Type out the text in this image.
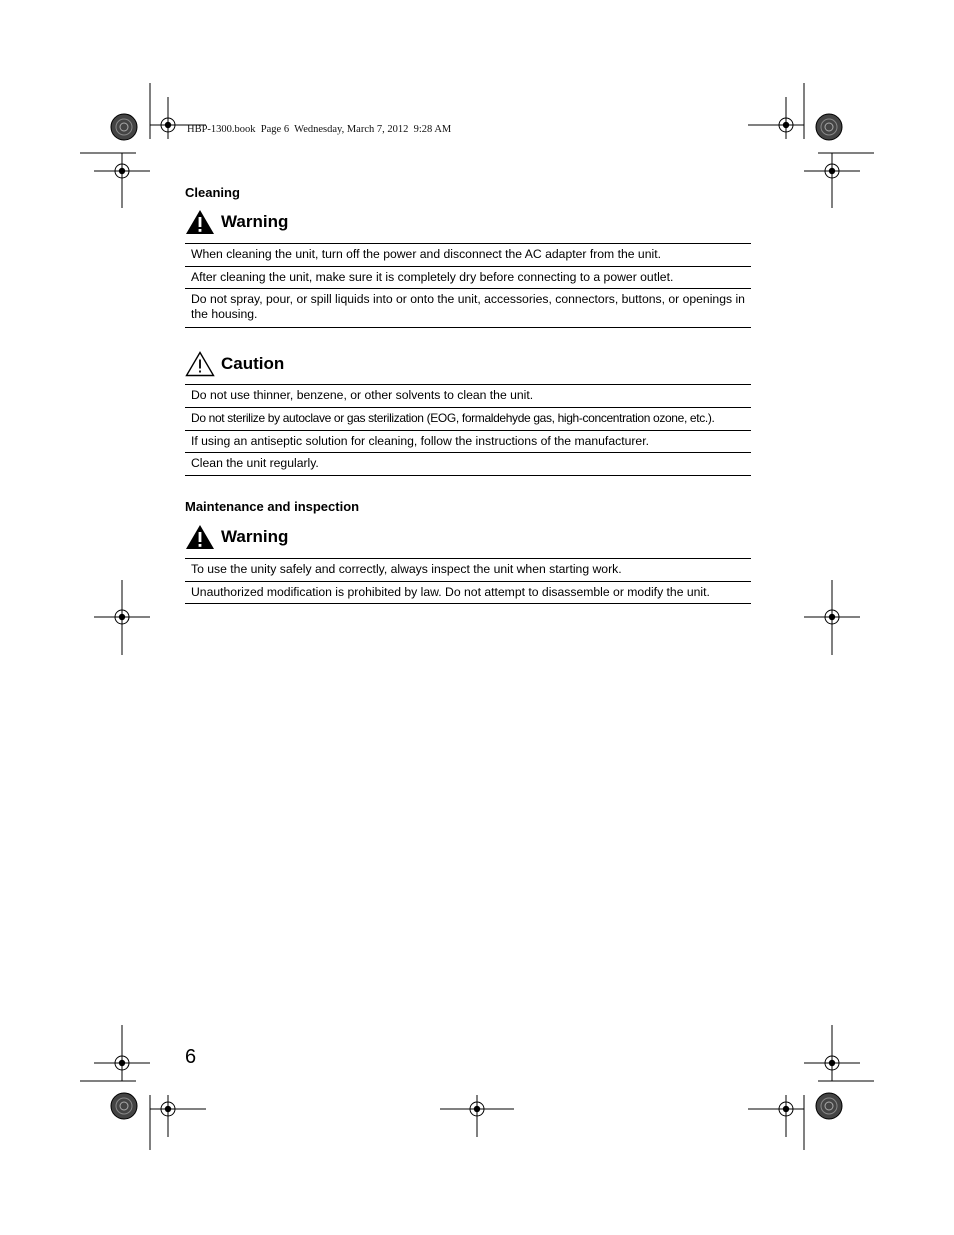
HBP-1300.book  Page 6  Wednesday, March 7, 2012  9:28 AM
Cleaning
Warning
When cleaning the unit, turn off the power and disconnect the AC adapter from the unit.
After cleaning the unit, make sure it is completely dry before connecting to a power outlet.
Do not spray, pour, or spill liquids into or onto the unit, accessories, connectors, buttons, or openings in the housing.
Caution
Do not use thinner, benzene, or other solvents to clean the unit.
Do not sterilize by autoclave or gas sterilization (EOG, formaldehyde gas, high-concentration ozone, etc.).
If using an antiseptic solution for cleaning, follow the instructions of the manufacturer.
Clean the unit regularly.
Maintenance and inspection
Warning
To use the unity safely and correctly, always inspect the unit when starting work.
Unauthorized modification is prohibited by law. Do not attempt to disassemble or modify the unit.
6
